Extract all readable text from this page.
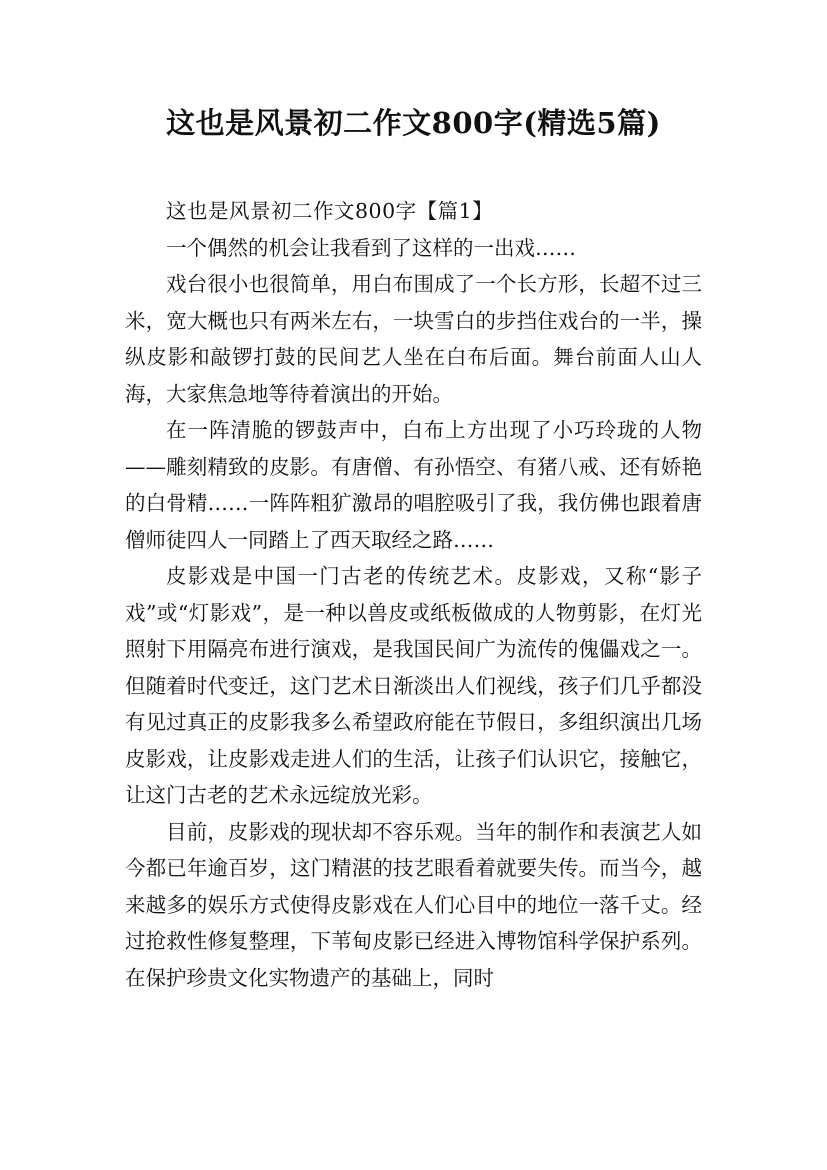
这也是风景初二作文800字(精选5篇)

这也是风景初二作文800字【篇1】

一个偶然的机会让我看到了这样的一出戏……

戏台很小也很简单，用白布围成了一个长方形，长超不过三米，宽大概也只有两米左右，一块雪白的步挡住戏台的一半，操纵皮影和敲锣打鼓的民间艺人坐在白布后面。舞台前面人山人海，大家焦急地等待着演出的开始。

在一阵清脆的锣鼓声中，白布上方出现了小巧玲珑的人物——雕刻精致的皮影。有唐僧、有孙悟空、有猪八戒、还有娇艳的白骨精……一阵阵粗犷激昂的唱腔吸引了我，我仿佛也跟着唐僧师徒四人一同踏上了西天取经之路……

皮影戏是中国一门古老的传统艺术。皮影戏，又称“影子戏”或“灯影戏”，是一种以兽皮或纸板做成的人物剪影，在灯光照射下用隔亮布进行演戏，是我国民间广为流传的傀儡戏之一。但随着时代变迁，这门艺术日渐淡出人们视线，孩子们几乎都没有见过真正的皮影我多么希望政府能在节假日，多组织演出几场皮影戏，让皮影戏走进人们的生活，让孩子们认识它，接触它，让这门古老的艺术永远绽放光彩。

目前，皮影戏的现状却不容乐观。当年的制作和表演艺人如今都已年逾百岁，这门精湛的技艺眼看着就要失传。而当今，越来越多的娱乐方式使得皮影戏在人们心目中的地位一落千丈。经过抢救性修复整理，下苇甸皮影已经进入博物馆科学保护系列。在保护珍贵文化实物遗产的基础上，同时
